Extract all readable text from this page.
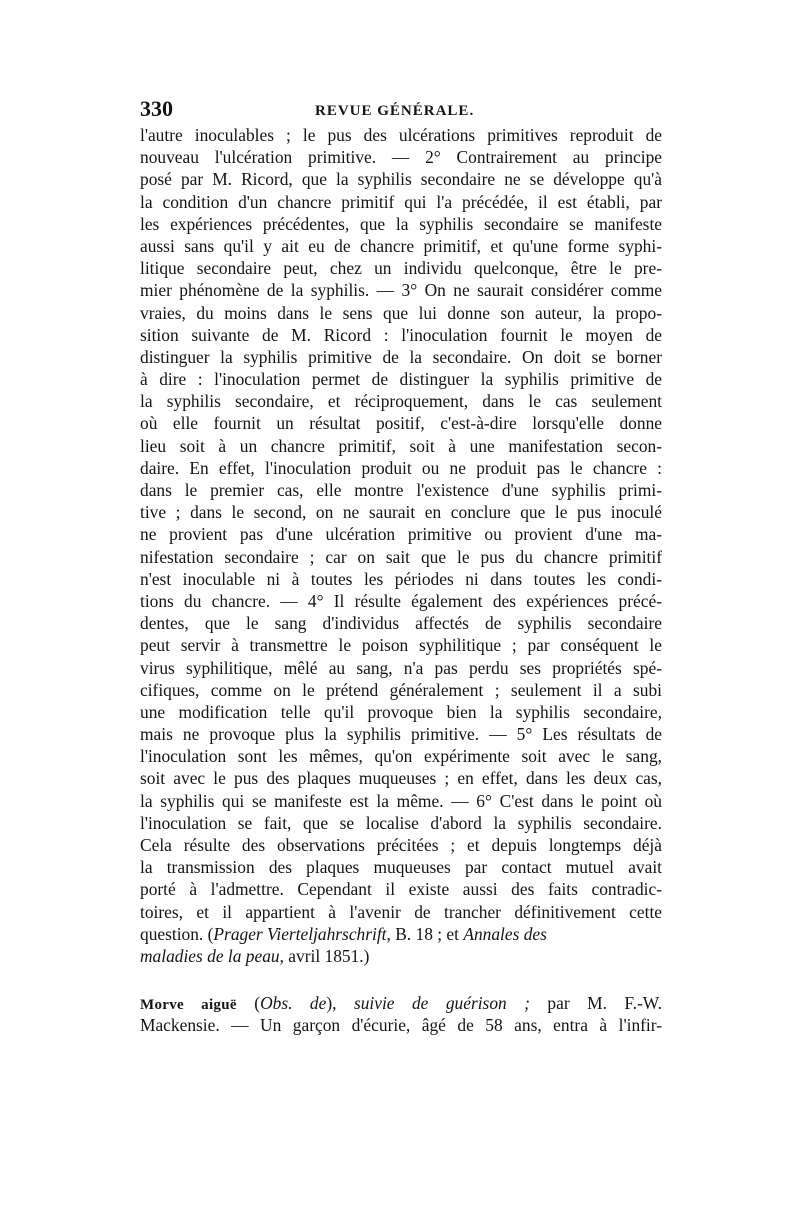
330	REVUE GÉNÉRALE.
l'autre inoculables ; le pus des ulcérations primitives reproduit de
nouveau l'ulcération primitive. — 2° Contrairement au principe
posé par M. Ricord, que la syphilis secondaire ne se développe qu'à
la condition d'un chancre primitif qui l'a précédée, il est établi, par
les expériences précédentes, que la syphilis secondaire se manifeste
aussi sans qu'il y ait eu de chancre primitif, et qu'une forme syphi-
litique secondaire peut, chez un individu quelconque, être le pre-
mier phénomène de la syphilis. — 3° On ne saurait considérer comme
vraies, du moins dans le sens que lui donne son auteur, la propo-
sition suivante de M. Ricord : l'inoculation fournit le moyen de
distinguer la syphilis primitive de la secondaire. On doit se borner
à dire : l'inoculation permet de distinguer la syphilis primitive de
la syphilis secondaire, et réciproquement, dans le cas seulement
où elle fournit un résultat positif, c'est-à-dire lorsqu'elle donne
lieu soit à un chancre primitif, soit à une manifestation secon-
daire. En effet, l'inoculation produit ou ne produit pas le chancre :
dans le premier cas, elle montre l'existence d'une syphilis primi-
tive ; dans le second, on ne saurait en conclure que le pus inoculé
ne provient pas d'une ulcération primitive ou provient d'une ma-
nifestation secondaire ; car on sait que le pus du chancre primitif
n'est inoculable ni à toutes les périodes ni dans toutes les condi-
tions du chancre. — 4° Il résulte également des expériences précé-
dentes, que le sang d'individus affectés de syphilis secondaire
peut servir à transmettre le poison syphilitique ; par conséquent le
virus syphilitique, mêlé au sang, n'a pas perdu ses propriétés spé-
cifiques, comme on le prétend généralement ; seulement il a subi
une modification telle qu'il provoque bien la syphilis secondaire,
mais ne provoque plus la syphilis primitive. — 5° Les résultats de
l'inoculation sont les mêmes, qu'on expérimente soit avec le sang,
soit avec le pus des plaques muqueuses ; en effet, dans les deux cas,
la syphilis qui se manifeste est la même. — 6° C'est dans le point où
l'inoculation se fait, que se localise d'abord la syphilis secondaire.
Cela résulte des observations précitées ; et depuis longtemps déjà
la transmission des plaques muqueuses par contact mutuel avait
porté à l'admettre. Cependant il existe aussi des faits contradic-
toires, et il appartient à l'avenir de trancher définitivement cette
question. (Prager Vierteljahrschrift, B. 18 ; et Annales des
maladies de la peau, avril 1851.)
Morve aiguë (Obs. de), suivie de guérison ; par M. F.-W.
Mackensie. — Un garçon d'écurie, âgé de 58 ans, entra à l'infir-
